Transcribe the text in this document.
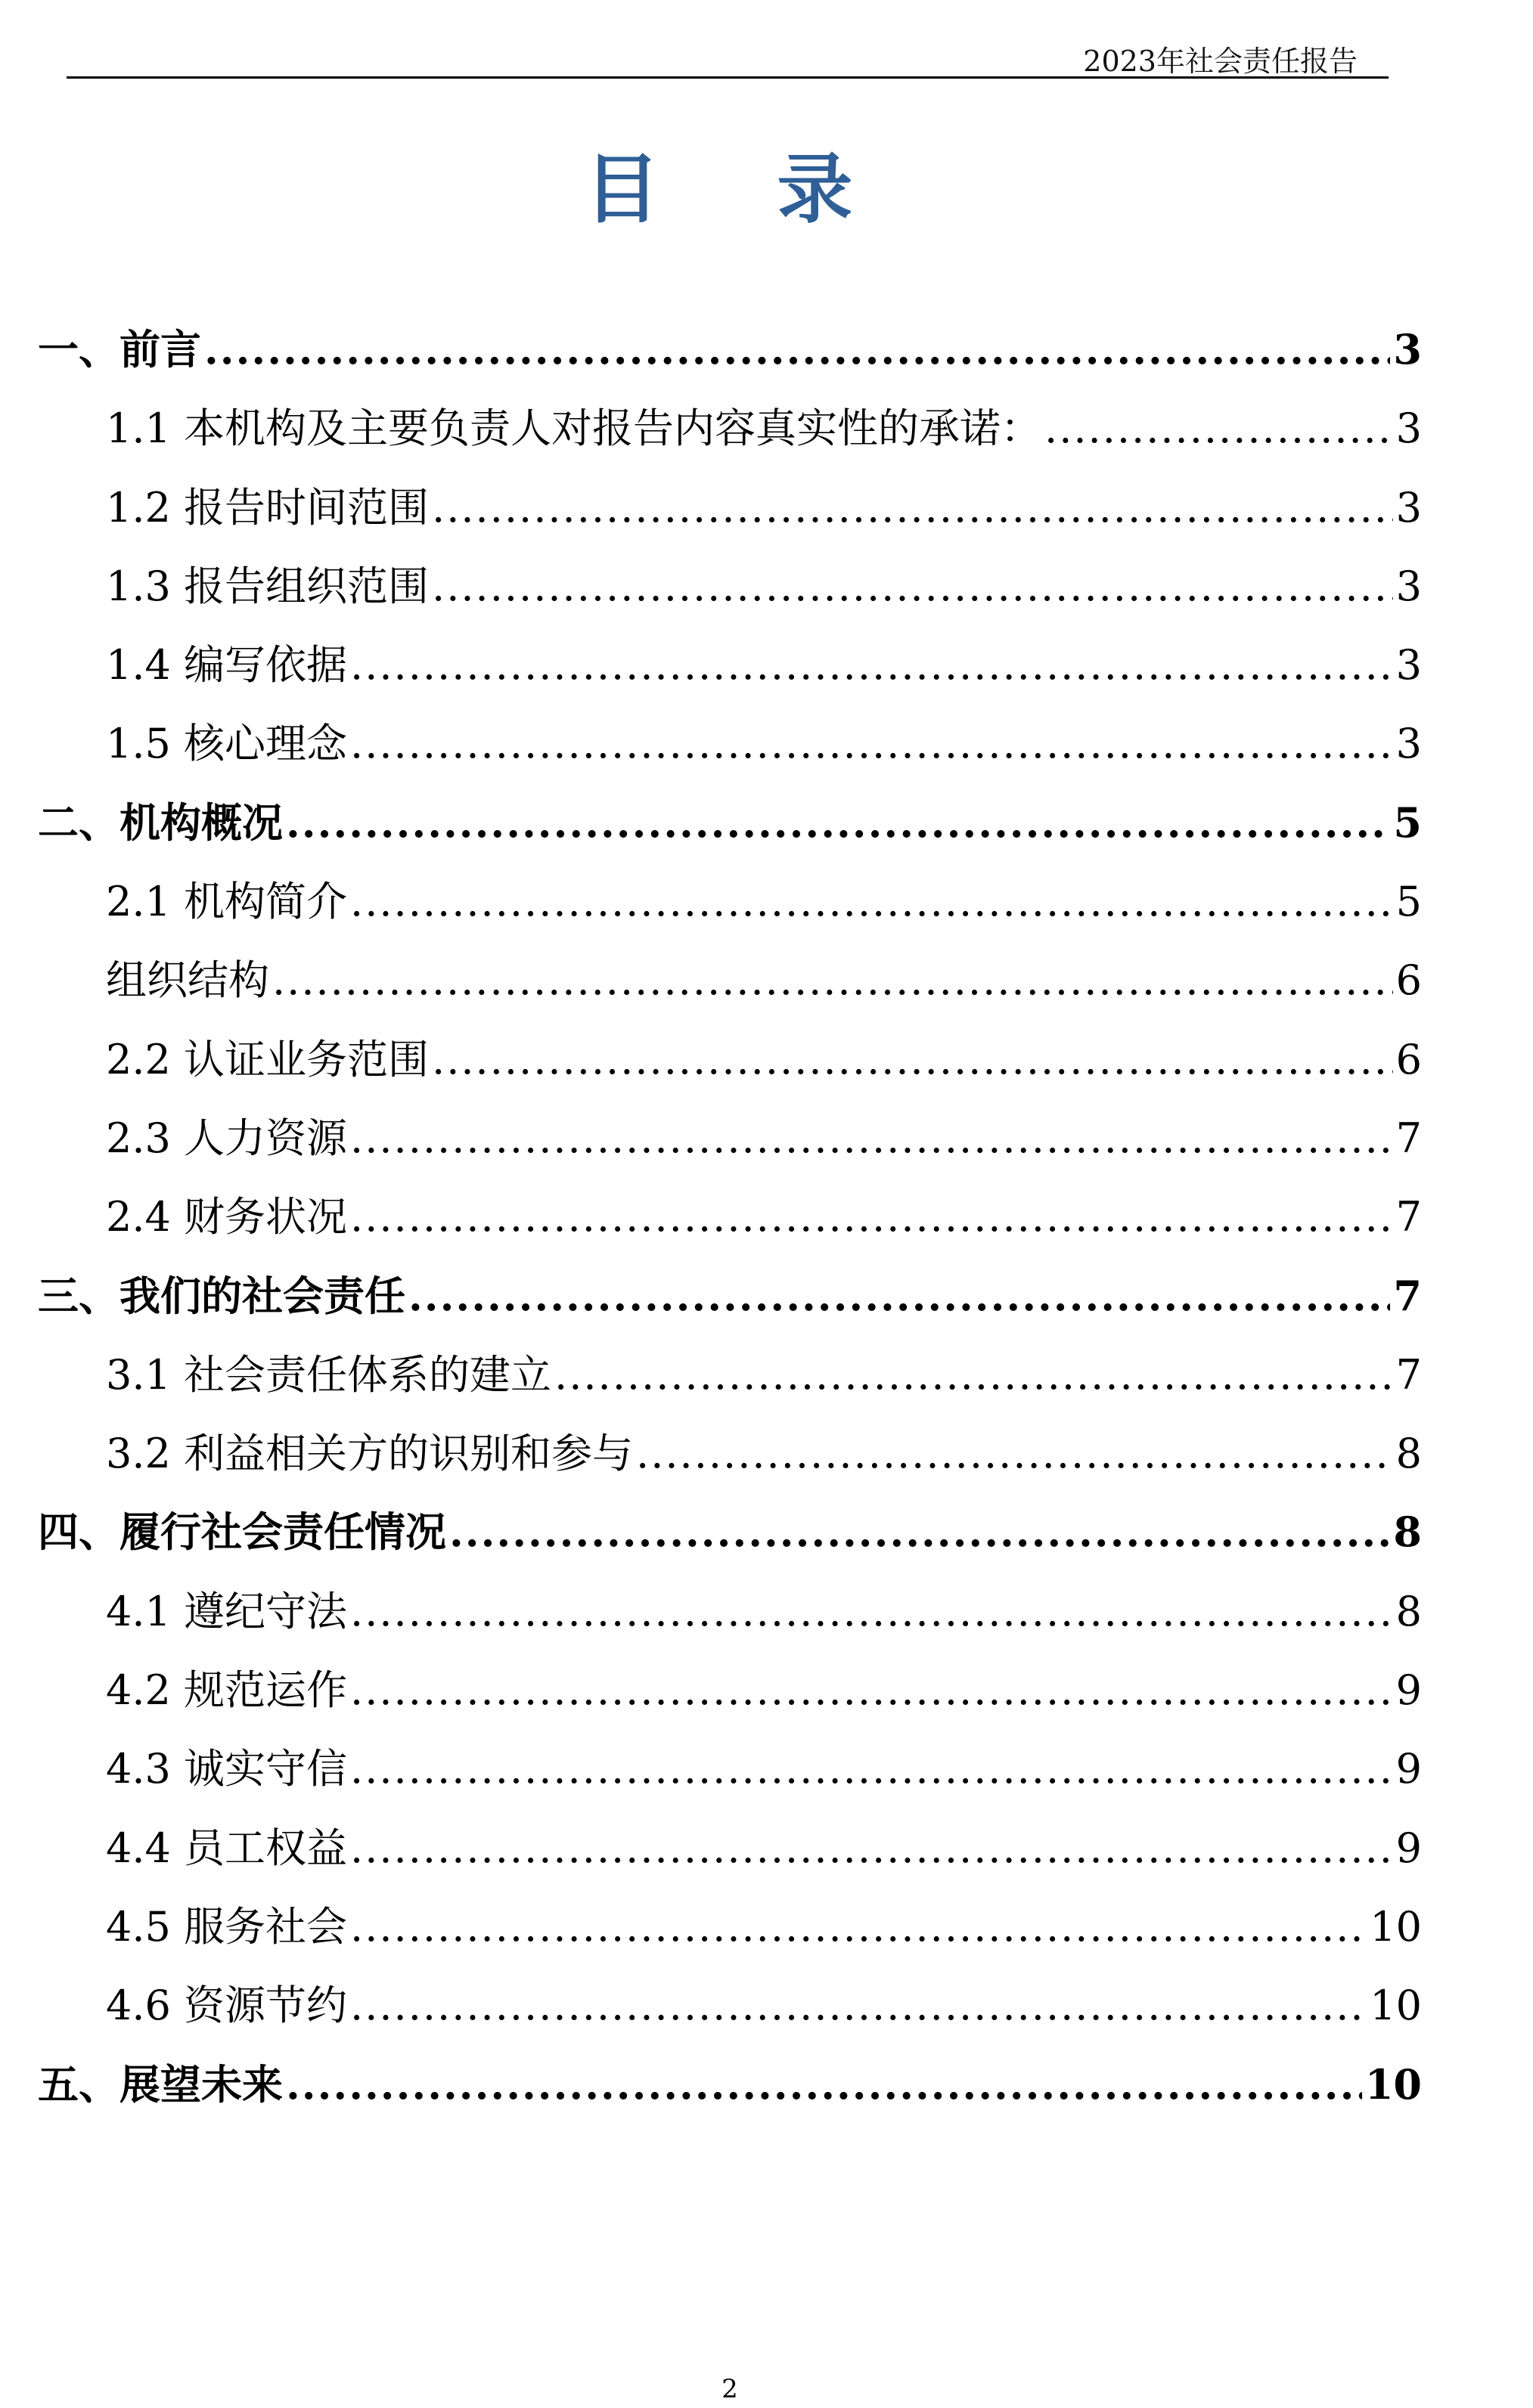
2023年社会责任报告
目 录
一、前言 .....	3
1.1 本机构及主要负责人对报告内容真实性的承诺： .....	3
1.2 报告时间范围 .....	3
1.3 报告组织范围 .....	3
1.4 编写依据 .....	3
1.5 核心理念 .....	3
二、机构概况 .....	5
2.1 机构简介 .....	5
组织结构 .....	6
2.2 认证业务范围 .....	6
2.3 人力资源 .....	7
2.4 财务状况 .....	7
三、我们的社会责任 .....	7
3.1 社会责任体系的建立 .....	7
3.2 利益相关方的识别和参与 .....	8
四、履行社会责任情况 .....	8
4.1 遵纪守法 .....	8
4.2 规范运作 .....	9
4.3 诚实守信 .....	9
4.4 员工权益 .....	9
4.5 服务社会 .....	10
4.6 资源节约 .....	10
五、展望未来 .....	10
2
